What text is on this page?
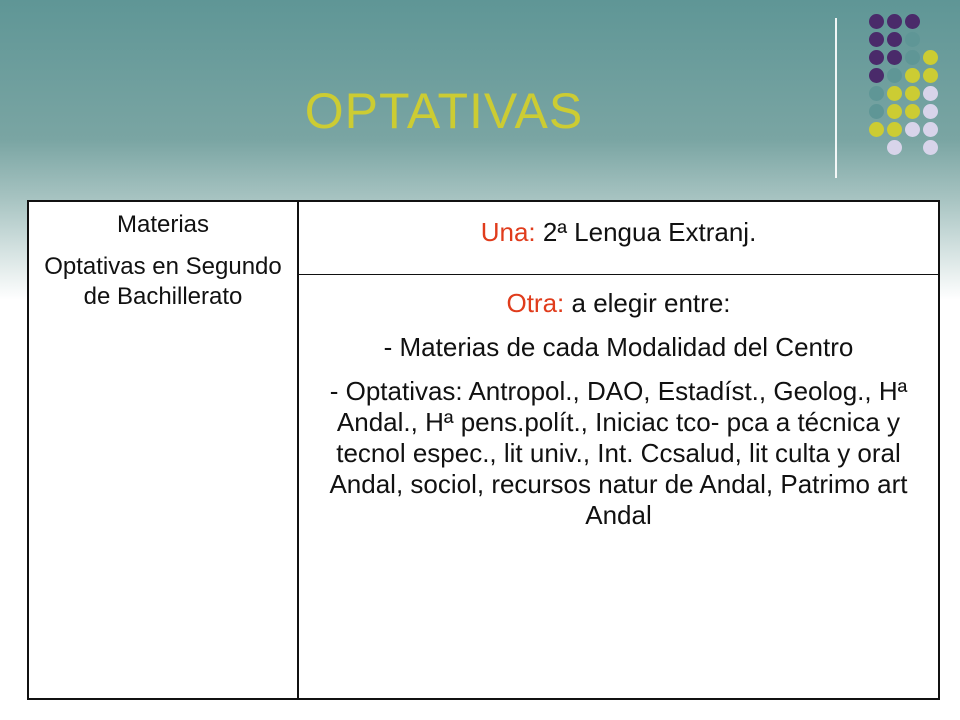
OPTATIVAS

Materias

Optativas en Segundo de Bachillerato

Una: 2ª Lengua Extranj.

Otra: a elegir entre:

- Materias de cada Modalidad del Centro

- Optativas: Antropol., DAO, Estadíst., Geolog., Hª Andal., Hª pens.polít., Iniciac tco- pca a técnica y tecnol espec., lit univ., Int. Ccsalud, lit culta y oral Andal, sociol, recursos natur de Andal, Patrimo art Andal
